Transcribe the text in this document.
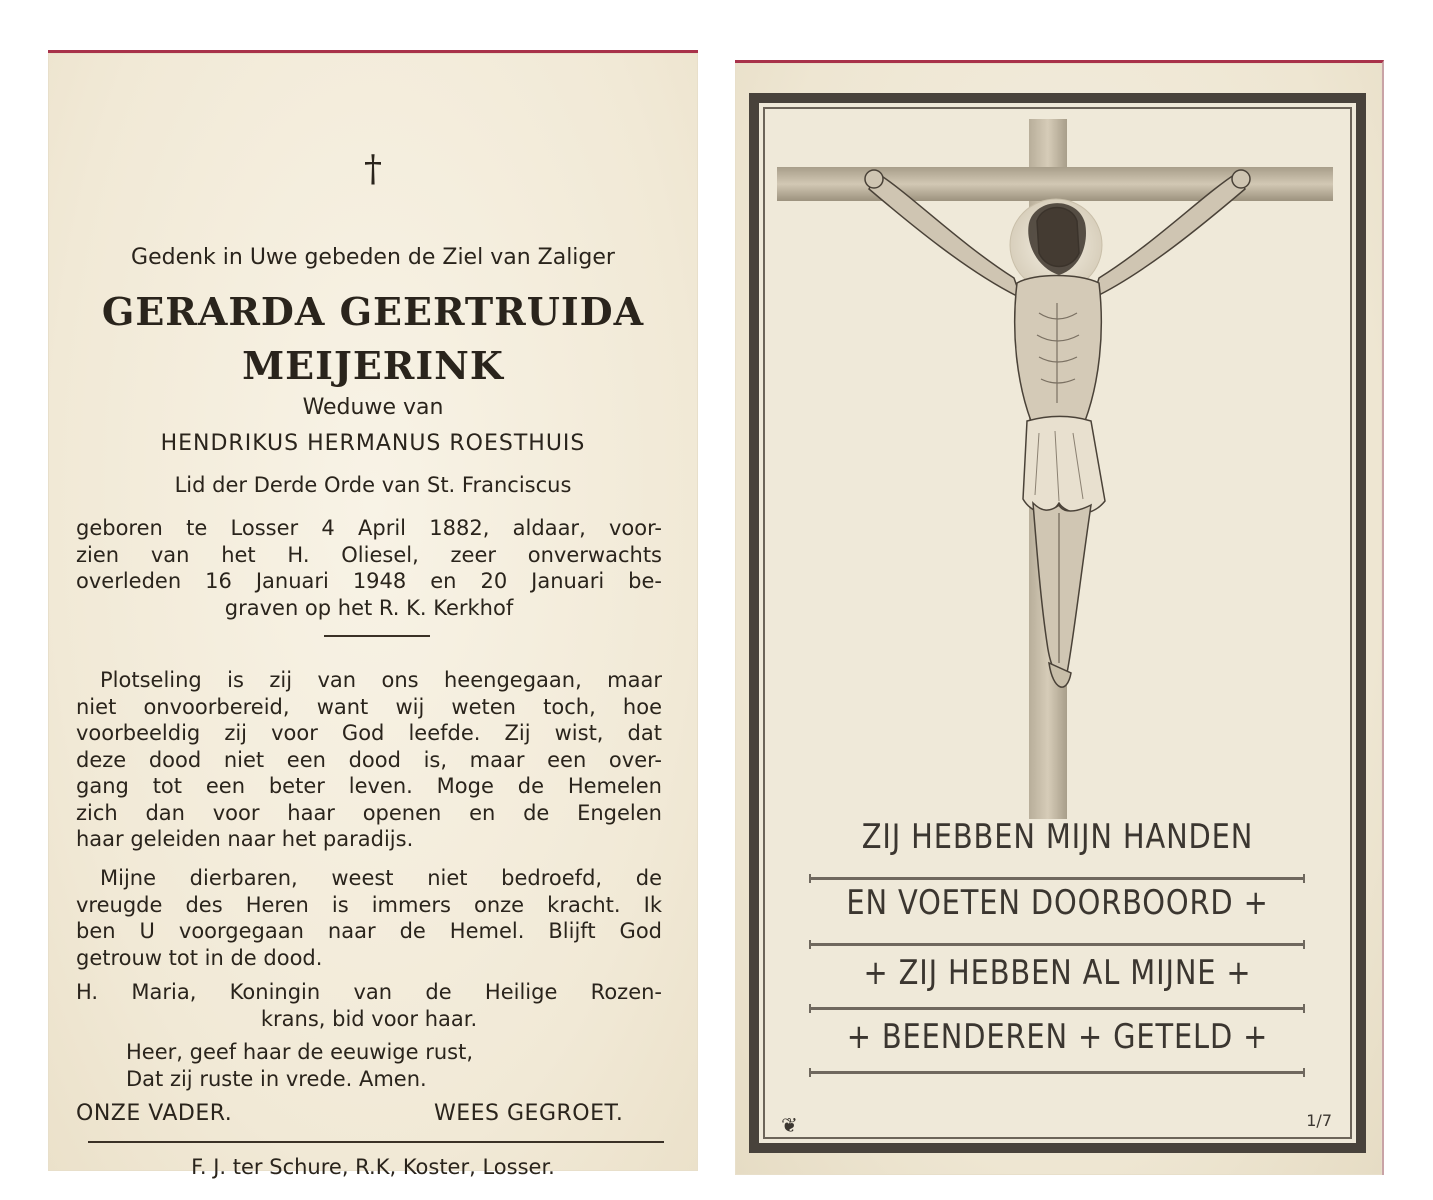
†
Gedenk in Uwe gebeden de Ziel van Zaliger
GERARDA GEERTRUIDA
MEIJERINK
Weduwe van
HENDRIKUS HERMANUS ROESTHUIS
Lid der Derde Orde van St. Franciscus
geboren te Losser 4 April 1882, aldaar, voor-
zien van het H. Oliesel, zeer onverwachts
overleden 16 Januari 1948 en 20 Januari be-
graven op het R. K. Kerkhof
Plotseling is zij van ons heengegaan, maar
niet onvoorbereid, want wij weten toch, hoe
voorbeeldig zij voor God leefde. Zij wist, dat
deze dood niet een dood is, maar een over-
gang tot een beter leven. Moge de Hemelen
zich dan voor haar openen en de Engelen
haar geleiden naar het paradijs.
Mijne dierbaren, weest niet bedroefd, de
vreugde des Heren is immers onze kracht. Ik
ben U voorgegaan naar de Hemel. Blijft God
getrouw tot in de dood.
H. Maria, Koningin van de Heilige Rozen-
krans, bid voor haar.
Heer, geef haar de eeuwige rust,
Dat zij ruste in vrede. Amen.
ONZE VADER.	WEES GEGROET.
F. J. ter Schure, R.K, Koster, Losser.
ZIJ HEBBEN MIJN HANDEN
EN VOETEN DOORBOORD +
+ ZIJ HEBBEN AL MIJNE +
+ BEENDEREN + GETELD +
❦	1/7
